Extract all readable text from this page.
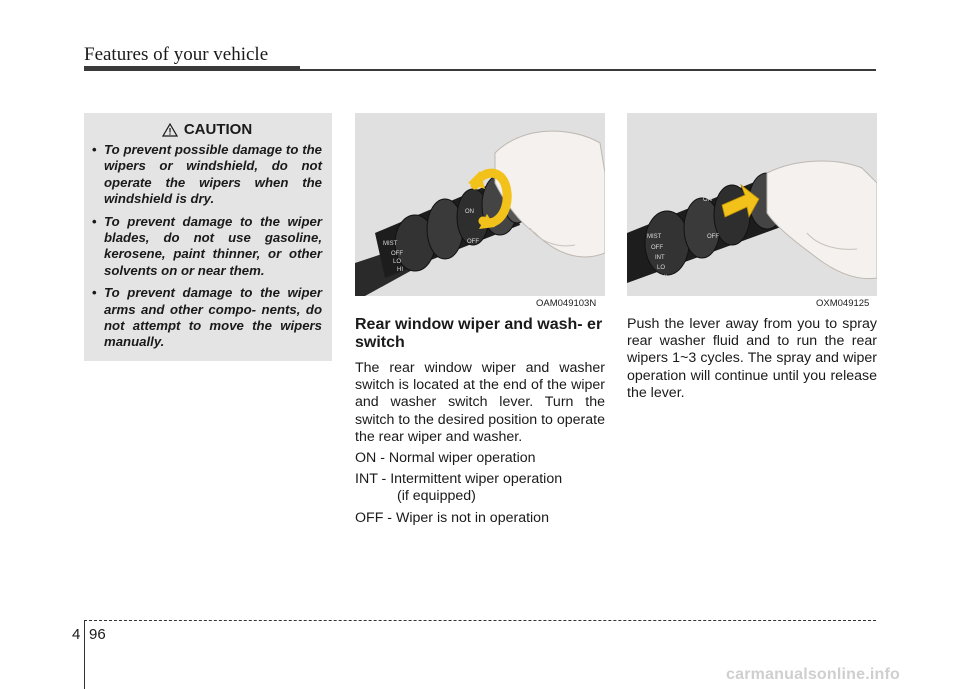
Features of your vehicle
CAUTION
• To prevent possible damage to the wipers or windshield, do not operate the wipers when the windshield is dry.
• To prevent damage to the wiper blades, do not use gasoline, kerosene, paint thinner, or other solvents on or near them.
• To prevent damage to the wiper arms and other compo- nents, do not attempt to move the wipers manually.
MIST
OFF
LO
HI
ON
OFF
OAM049103N
MIST
OFF
INT
LO
HI
ON
OFF
OXM049125
Rear window wiper and wash- er switch

The rear window wiper and washer switch is located at the end of the wiper and washer switch lever. Turn the switch to the desired position to operate the rear wiper and washer.

ON - Normal wiper operation
INT - Intermittent wiper operation
(if equipped)
OFF - Wiper is not in operation

Push the lever away from you to spray rear washer fluid and to run the rear wipers 1~3 cycles. The spray and wiper operation will continue until you release the lever.

4 96
carmanualsonline.info
